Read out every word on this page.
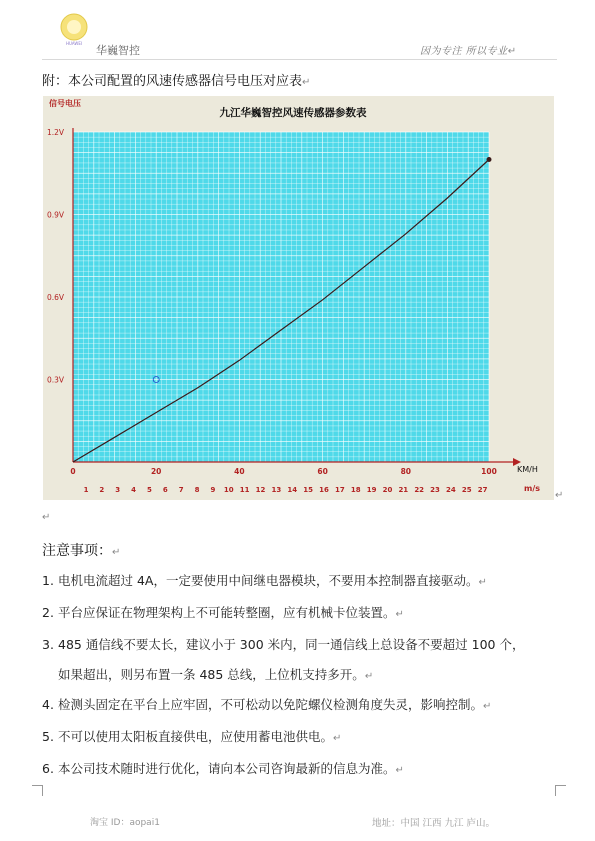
HUAWEI
华巍智控	因为专注 所以专业↵
附：本公司配置的风速传感器信号电压对应表↵
九江华巍智控风速传感器参数表
信号电压
0.3V
0.6V
0.9V
1.2V
0	20	40	60	80	100
1 2 3 4 5 6 7 8 9 10 11 12 13 14 15 16 17 18 19 20 21 22 23 24 25 27
KM/H
m/s
↵
↵
注意事项：↵
1. 电机电流超过 4A，一定要使用中间继电器模块，不要用本控制器直接驱动。↵
2. 平台应保证在物理架构上不可能转整圈，应有机械卡位装置。↵
3. 485 通信线不要太长，建议小于 300 米内，同一通信线上总设备不要超过 100 个，
如果超出，则另布置一条 485 总线，上位机支持多开。↵
4. 检测头固定在平台上应牢固，不可松动以免陀螺仪检测角度失灵，影响控制。↵
5. 不可以使用太阳板直接供电，应使用蓄电池供电。↵
6. 本公司技术随时进行优化，请向本公司咨询最新的信息为准。↵
淘宝 ID：aopai1	地址：中国 江西 九江 庐山。
